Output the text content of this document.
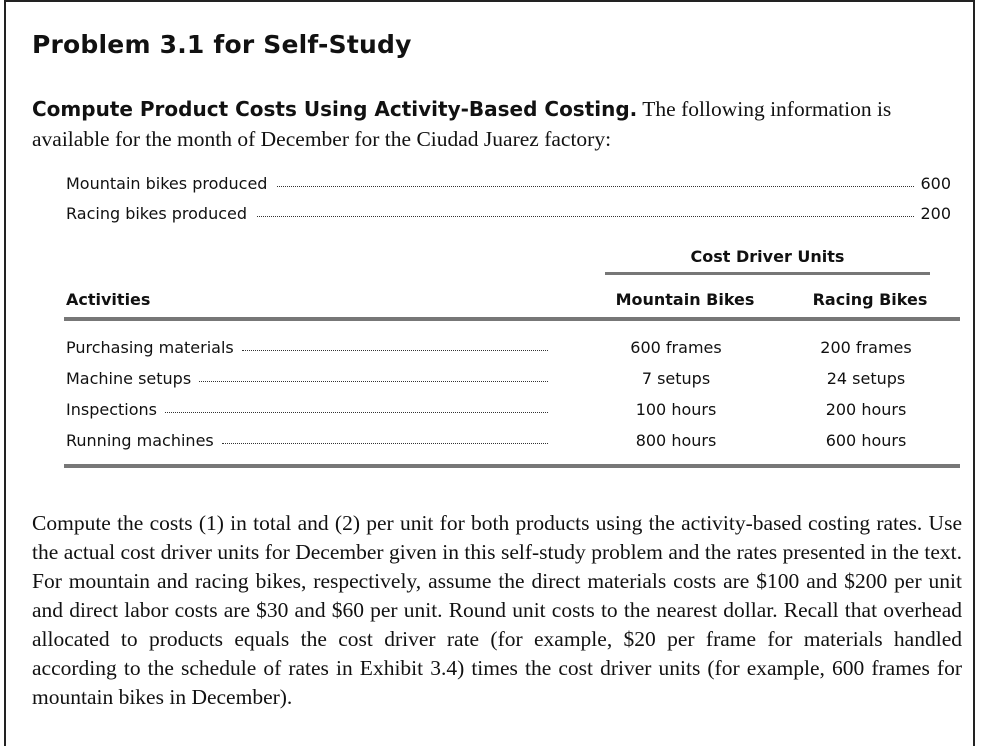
Problem 3.1 for Self-Study
Compute Product Costs Using Activity-Based Costing. The following information is available for the month of December for the Ciudad Juarez factory:
Mountain bikes produced	600
Racing bikes produced	200
Cost Driver Units
Activities	Mountain Bikes	Racing Bikes
Purchasing materials	600 frames	200 frames
Machine setups	7 setups	24 setups
Inspections	100 hours	200 hours
Running machines	800 hours	600 hours
Compute the costs (1) in total and (2) per unit for both products using the activity-based costing rates. Use the actual cost driver units for December given in this self-study problem and the rates presented in the text. For mountain and racing bikes, respectively, assume the direct materials costs are $100 and $200 per unit and direct labor costs are $30 and $60 per unit. Round unit costs to the nearest dollar. Recall that overhead allocated to products equals the cost driver rate (for example, $20 per frame for materials handled according to the schedule of rates in Exhibit 3.4) times the cost driver units (for example, 600 frames for mountain bikes in December).
